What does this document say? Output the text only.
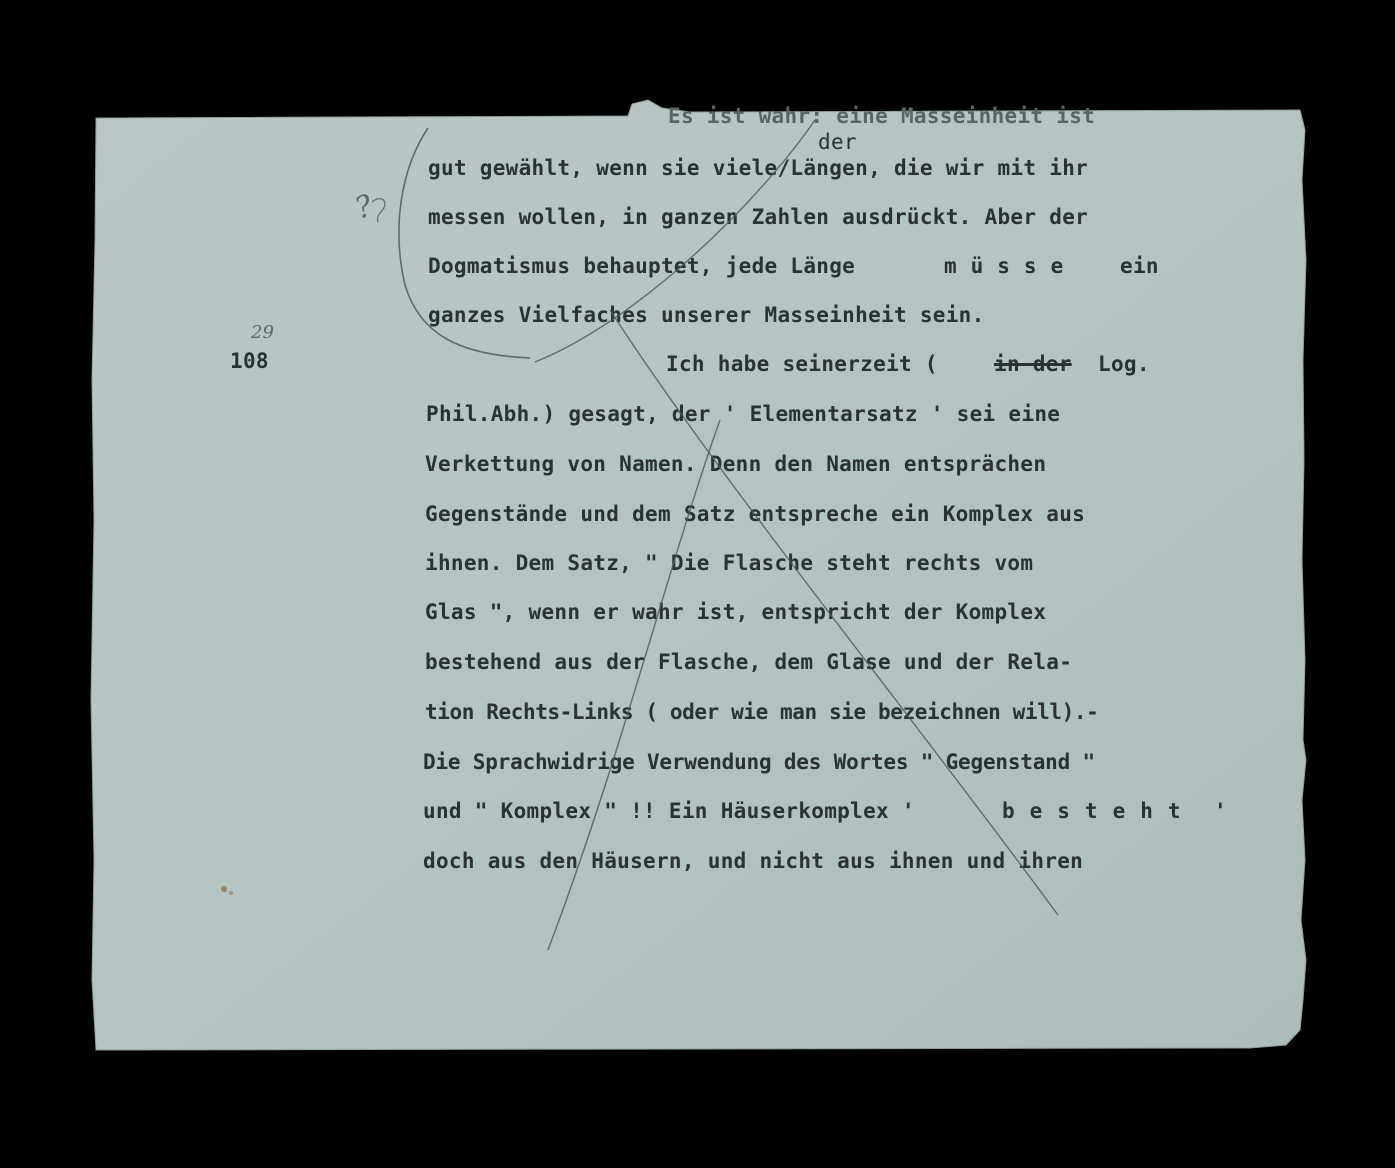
108
29
Es ist wahr: eine Masseinheit ist
der
gut gewählt, wenn sie viele/Längen, die wir mit ihr
messen wollen, in ganzen Zahlen ausdrückt. Aber der
Dogmatismus behauptet, jede Länge	müsse ein
ganzes Vielfaches unserer Masseinheit sein.
Ich habe seinerzeit (	in der Log.
Phil.Abh.) gesagt, der ' Elementarsatz ' sei eine
Verkettung von Namen. Denn den Namen entsprächen
Gegenstände und dem Satz entspreche ein Komplex aus
ihnen. Dem Satz, " Die Flasche steht rechts vom
Glas ", wenn er wahr ist, entspricht der Komplex
bestehend aus der Flasche, dem Glase und der Rela-
tion Rechts-Links ( oder wie man sie bezeichnen will).-
Die Sprachwidrige Verwendung des Wortes " Gegenstand "
und " Komplex " !! Ein Häuserkomplex '	besteht '
doch aus den Häusern, und nicht aus ihnen und ihren
?
